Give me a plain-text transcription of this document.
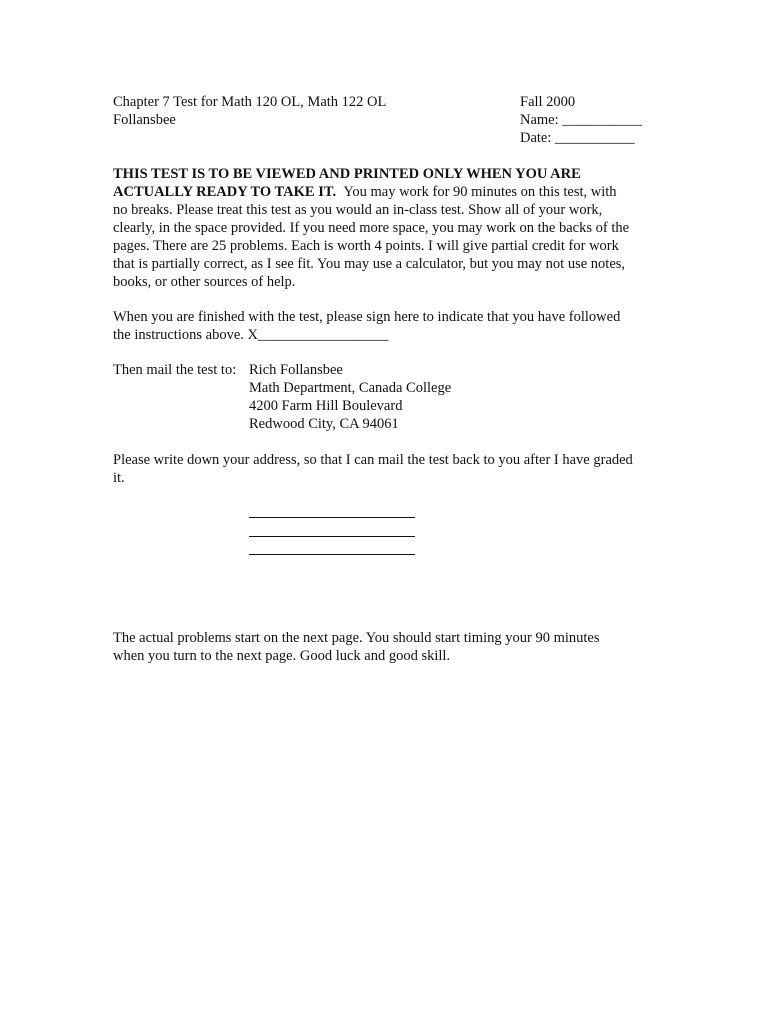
Chapter 7 Test for Math 120 OL, Math 122 OL
Follansbee
Fall 2000
Name: ___________
Date: ___________
THIS TEST IS TO BE VIEWED AND PRINTED ONLY WHEN YOU ARE
ACTUALLY READY TO TAKE IT. You may work for 90 minutes on this test, with
no breaks. Please treat this test as you would an in-class test. Show all of your work,
clearly, in the space provided. If you need more space, you may work on the backs of the
pages. There are 25 problems. Each is worth 4 points. I will give partial credit for work
that is partially correct, as I see fit. You may use a calculator, but you may not use notes,
books, or other sources of help.
When you are finished with the test, please sign here to indicate that you have followed
the instructions above. X__________________
Then mail the test to: Rich Follansbee
Math Department, Canada College
4200 Farm Hill Boulevard
Redwood City, CA 94061
Please write down your address, so that I can mail the test back to you after I have graded
it.
The actual problems start on the next page. You should start timing your 90 minutes
when you turn to the next page. Good luck and good skill.
